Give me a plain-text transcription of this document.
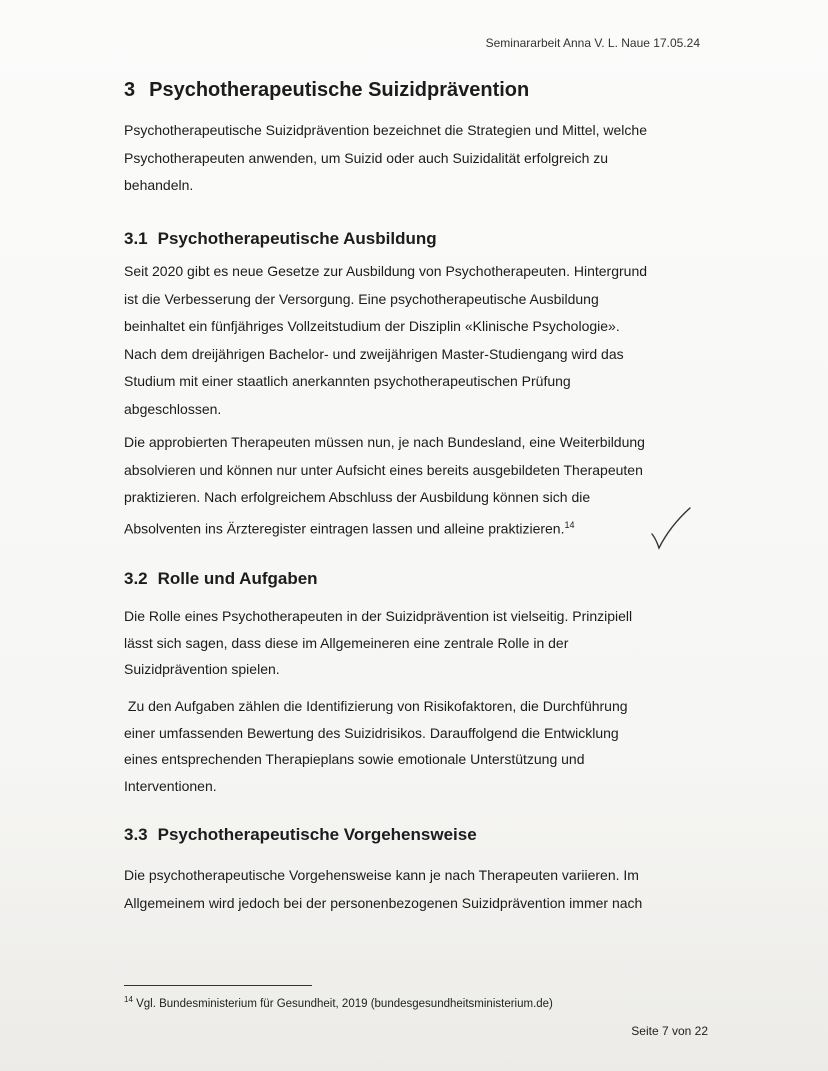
Seminararbeit Anna V. L. Naue 17.05.24
3 Psychotherapeutische Suizidprävention
Psychotherapeutische Suizidprävention bezeichnet die Strategien und Mittel, welche
Psychotherapeuten anwenden, um Suizid oder auch Suizidalität erfolgreich zu
behandeln.
3.1 Psychotherapeutische Ausbildung
Seit 2020 gibt es neue Gesetze zur Ausbildung von Psychotherapeuten. Hintergrund
ist die Verbesserung der Versorgung. Eine psychotherapeutische Ausbildung
beinhaltet ein fünfjähriges Vollzeitstudium der Disziplin «Klinische Psychologie».
Nach dem dreijährigen Bachelor- und zweijährigen Master-Studiengang wird das
Studium mit einer staatlich anerkannten psychotherapeutischen Prüfung
abgeschlossen.
Die approbierten Therapeuten müssen nun, je nach Bundesland, eine Weiterbildung
absolvieren und können nur unter Aufsicht eines bereits ausgebildeten Therapeuten
praktizieren. Nach erfolgreichem Abschluss der Ausbildung können sich die
Absolventen ins Ärzteregister eintragen lassen und alleine praktizieren.$^{14}$
3.2 Rolle und Aufgaben
Die Rolle eines Psychotherapeuten in der Suizidprävention ist vielseitig. Prinzipiell
lässt sich sagen, dass diese im Allgemeineren eine zentrale Rolle in der
Suizidprävention spielen.
Zu den Aufgaben zählen die Identifizierung von Risikofaktoren, die Durchführung
einer umfassenden Bewertung des Suizidrisikos. Darauffolgend die Entwicklung
eines entsprechenden Therapieplans sowie emotionale Unterstützung und
Interventionen.
3.3 Psychotherapeutische Vorgehensweise
Die psychotherapeutische Vorgehensweise kann je nach Therapeuten variieren. Im
Allgemeinem wird jedoch bei der personenbezogenen Suizidprävention immer nach
$^{14}$ Vgl. Bundesministerium für Gesundheit, 2019 (bundesgesundheitsministerium.de)
Seite 7 von 22
